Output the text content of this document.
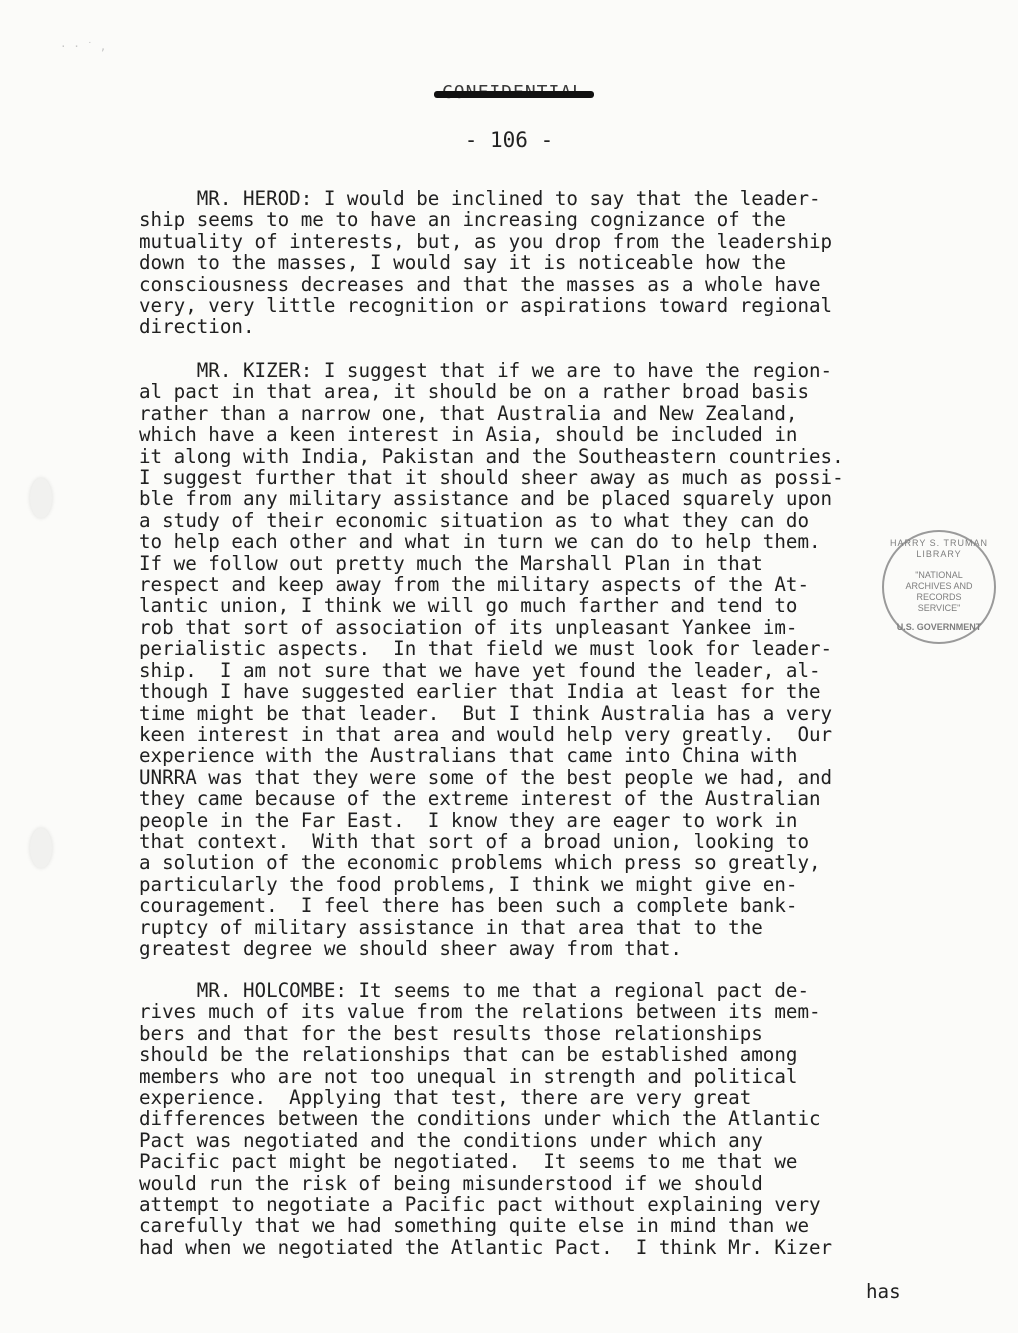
· · ˙ ,
- 106 -

MR. HEROD: I would be inclined to say that the leader-
ship seems to me to have an increasing cognizance of the
mutuality of interests, but, as you drop from the leadership
down to the masses, I would say it is noticeable how the
consciousness decreases and that the masses as a whole have
very, very little recognition or aspirations toward regional
direction.

MR. KIZER: I suggest that if we are to have the region-
al pact in that area, it should be on a rather broad basis
rather than a narrow one, that Australia and New Zealand,
which have a keen interest in Asia, should be included in
it along with India, Pakistan and the Southeastern countries.
I suggest further that it should sheer away as much as possi-
ble from any military assistance and be placed squarely upon
a study of their economic situation as to what they can do
to help each other and what in turn we can do to help them.
If we follow out pretty much the Marshall Plan in that
respect and keep away from the military aspects of the At-
lantic union, I think we will go much farther and tend to
rob that sort of association of its unpleasant Yankee im-
perialistic aspects.  In that field we must look for leader-
ship.  I am not sure that we have yet found the leader, al-
though I have suggested earlier that India at least for the
time might be that leader.  But I think Australia has a very
keen interest in that area and would help very greatly.  Our
experience with the Australians that came into China with
UNRRA was that they were some of the best people we had, and
they came because of the extreme interest of the Australian
people in the Far East.  I know they are eager to work in
that context.  With that sort of a broad union, looking to
a solution of the economic problems which press so greatly,
particularly the food problems, I think we might give en-
couragement.  I feel there has been such a complete bank-
ruptcy of military assistance in that area that to the
greatest degree we should sheer away from that.

MR. HOLCOMBE: It seems to me that a regional pact de-
rives much of its value from the relations between its mem-
bers and that for the best results those relationships
should be the relationships that can be established among
members who are not too unequal in strength and political
experience.  Applying that test, there are very great
differences between the conditions under which the Atlantic
Pact was negotiated and the conditions under which any
Pacific pact might be negotiated.  It seems to me that we
would run the risk of being misunderstood if we should
attempt to negotiate a Pacific pact without explaining very
carefully that we had something quite else in mind than we
had when we negotiated the Atlantic Pact.  I think Mr. Kizer

has
HARRY S. TRUMAN LIBRARY
"NATIONAL
ARCHIVES AND
RECORDS
SERVICE"
U.S. GOVERNMENT
